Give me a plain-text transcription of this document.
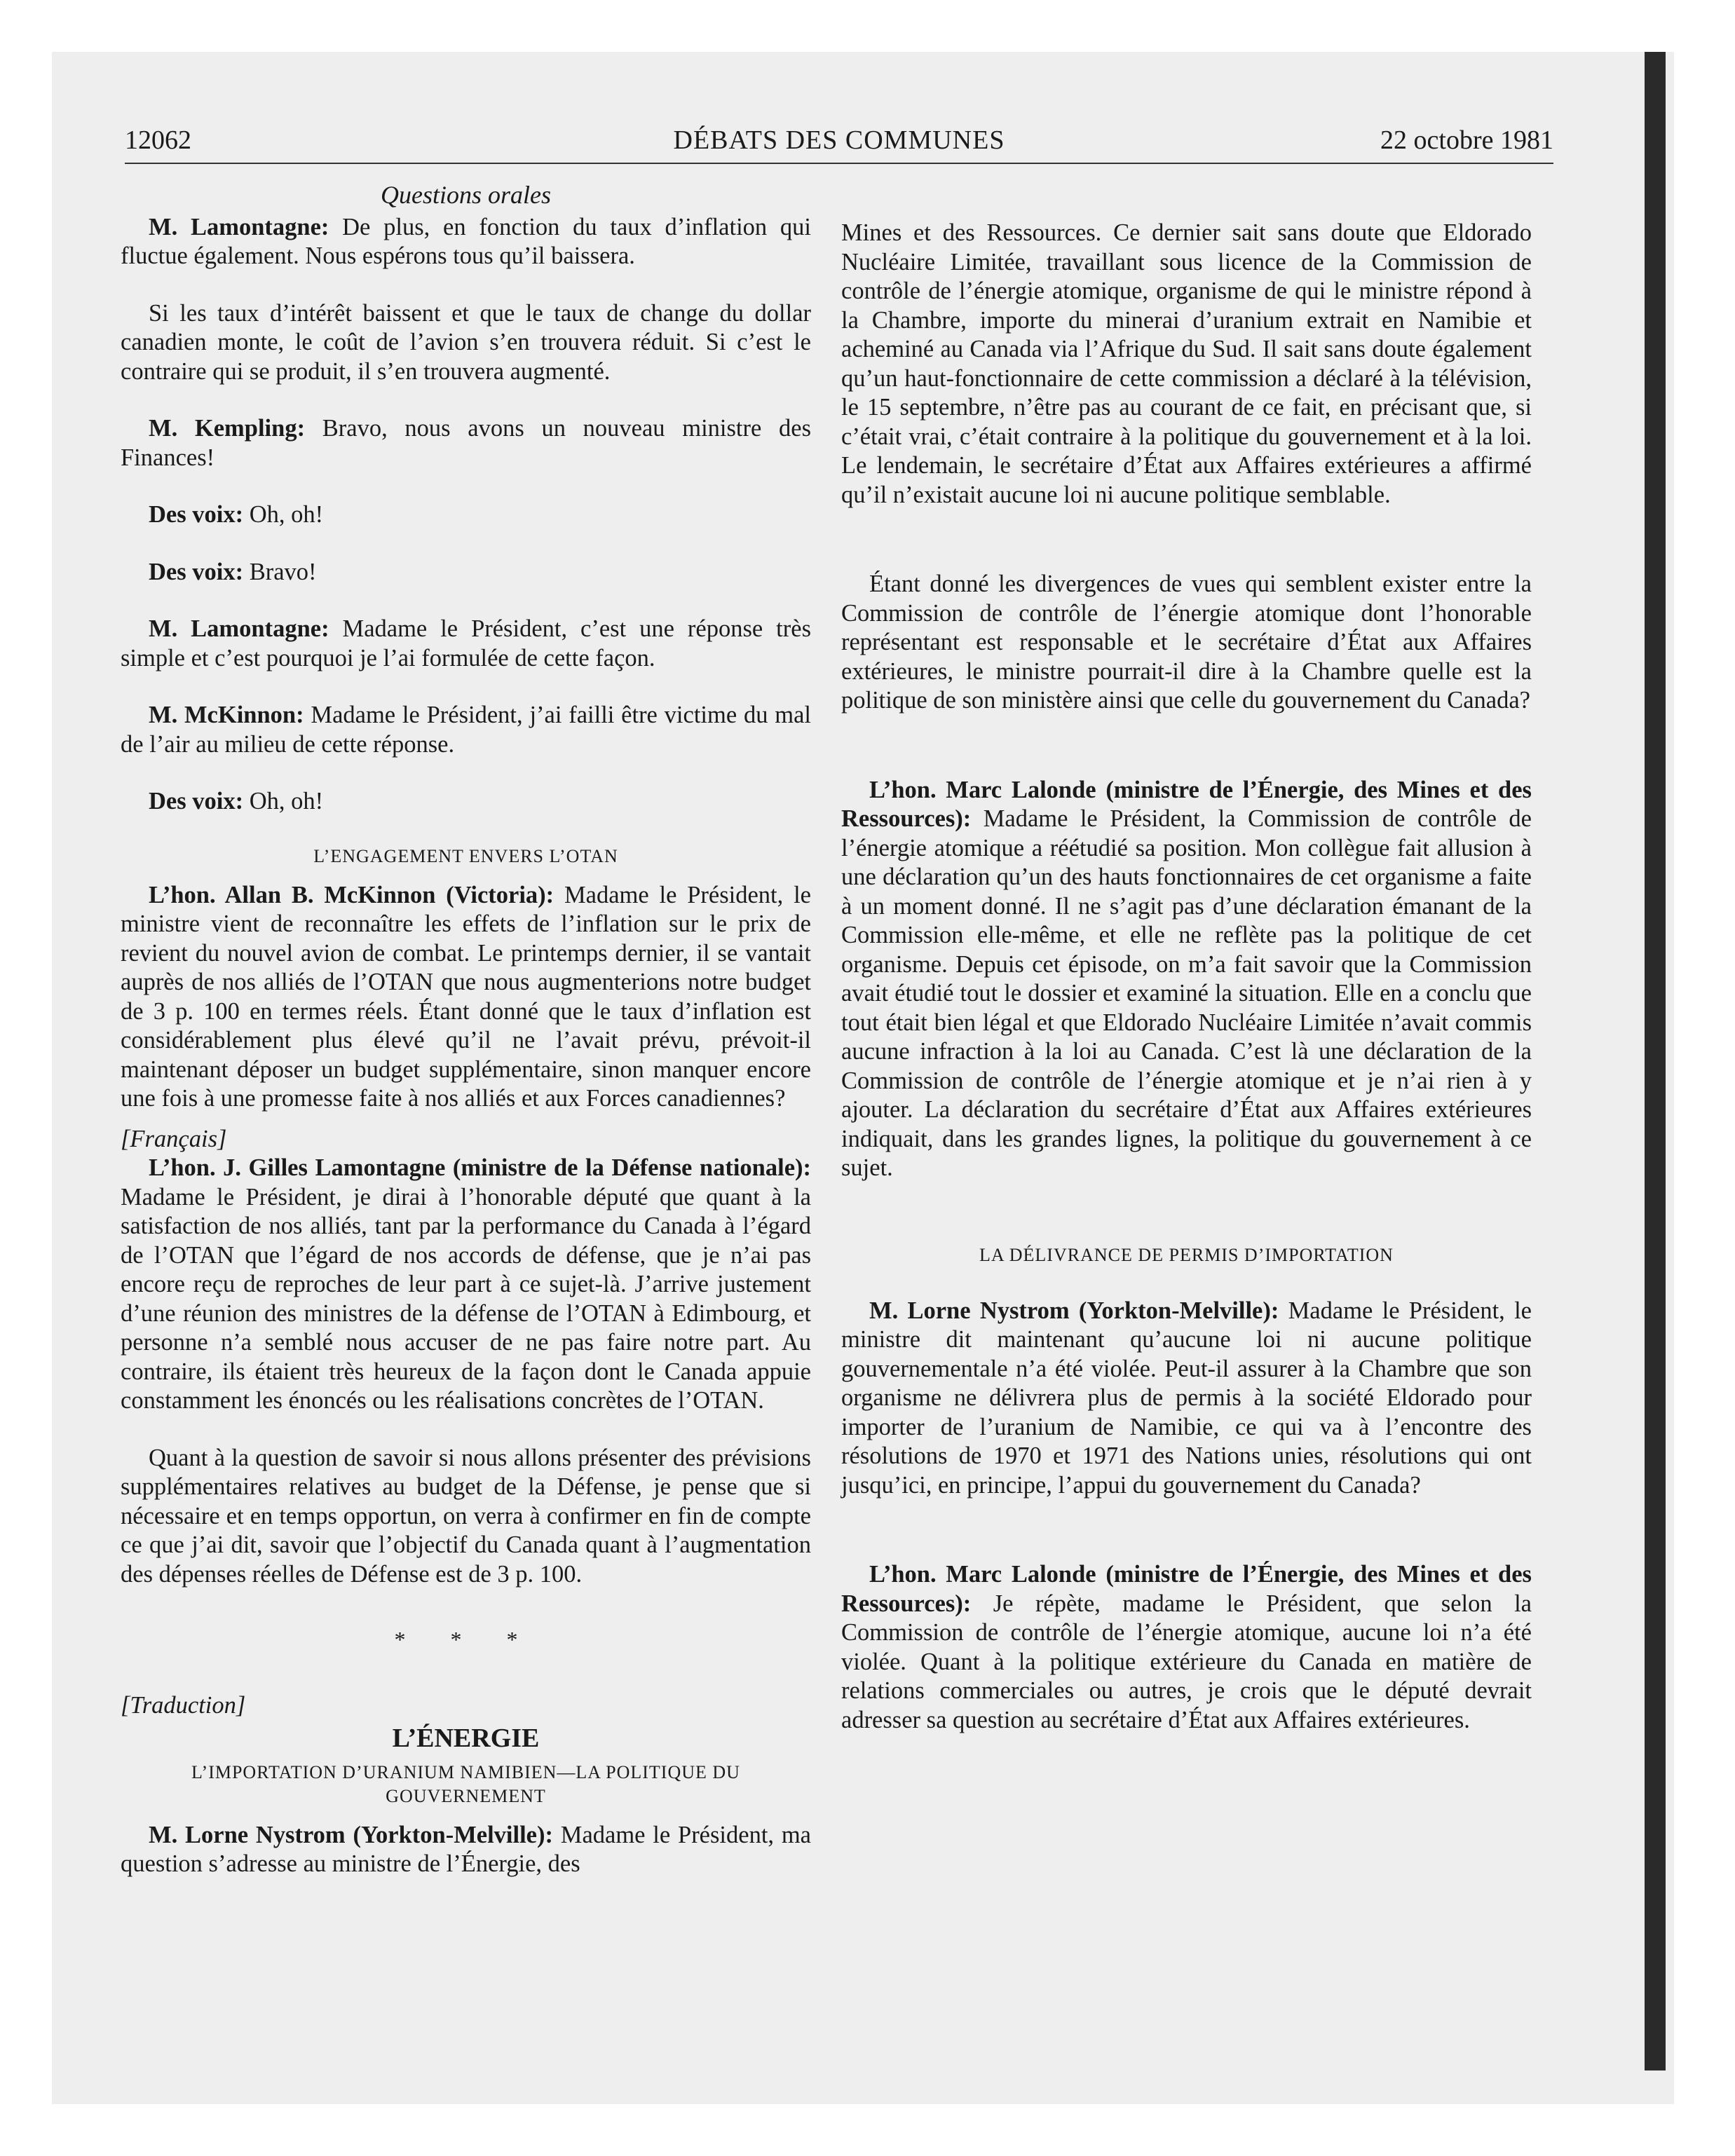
12062	DÉBATS DES COMMUNES	22 octobre 1981
Questions orales

M. Lamontagne: De plus, en fonction du taux d’inflation qui fluctue également. Nous espérons tous qu’il baissera.

Si les taux d’intérêt baissent et que le taux de change du dollar canadien monte, le coût de l’avion s’en trouvera réduit. Si c’est le contraire qui se produit, il s’en trouvera augmenté.

M. Kempling: Bravo, nous avons un nouveau ministre des Finances!

Des voix: Oh, oh!

Des voix: Bravo!

M. Lamontagne: Madame le Président, c’est une réponse très simple et c’est pourquoi je l’ai formulée de cette façon.

M. McKinnon: Madame le Président, j’ai failli être victime du mal de l’air au milieu de cette réponse.

Des voix: Oh, oh!

L’ENGAGEMENT ENVERS L’OTAN

L’hon. Allan B. McKinnon (Victoria): Madame le Président, le ministre vient de reconnaître les effets de l’inflation sur le prix de revient du nouvel avion de combat. Le printemps dernier, il se vantait auprès de nos alliés de l’OTAN que nous augmenterions notre budget de 3 p. 100 en termes réels. Étant donné que le taux d’inflation est considérablement plus élevé qu’il ne l’avait prévu, prévoit-il maintenant déposer un budget supplémentaire, sinon manquer encore une fois à une promesse faite à nos alliés et aux Forces canadiennes?

[Français]

L’hon. J. Gilles Lamontagne (ministre de la Défense nationale): Madame le Président, je dirai à l’honorable député que quant à la satisfaction de nos alliés, tant par la performance du Canada à l’égard de l’OTAN que l’égard de nos accords de défense, que je n’ai pas encore reçu de reproches de leur part à ce sujet-là. J’arrive justement d’une réunion des ministres de la défense de l’OTAN à Edimbourg, et personne n’a semblé nous accuser de ne pas faire notre part. Au contraire, ils étaient très heureux de la façon dont le Canada appuie constamment les énoncés ou les réalisations concrètes de l’OTAN.

Quant à la question de savoir si nous allons présenter des prévisions supplémentaires relatives au budget de la Défense, je pense que si nécessaire et en temps opportun, on verra à confirmer en fin de compte ce que j’ai dit, savoir que l’objectif du Canada quant à l’augmentation des dépenses réelles de Défense est de 3 p. 100.

* * *

[Traduction]

L’ÉNERGIE
L’IMPORTATION D’URANIUM NAMIBIEN—LA POLITIQUE DU GOUVERNEMENT

M. Lorne Nystrom (Yorkton-Melville): Madame le Président, ma question s’adresse au ministre de l’Énergie, des

Mines et des Ressources. Ce dernier sait sans doute que Eldorado Nucléaire Limitée, travaillant sous licence de la Commission de contrôle de l’énergie atomique, organisme de qui le ministre répond à la Chambre, importe du minerai d’uranium extrait en Namibie et acheminé au Canada via l’Afrique du Sud. Il sait sans doute également qu’un haut-fonctionnaire de cette commission a déclaré à la télévision, le 15 septembre, n’être pas au courant de ce fait, en précisant que, si c’était vrai, c’était contraire à la politique du gouvernement et à la loi. Le lendemain, le secrétaire d’État aux Affaires extérieures a affirmé qu’il n’existait aucune loi ni aucune politique semblable.

Étant donné les divergences de vues qui semblent exister entre la Commission de contrôle de l’énergie atomique dont l’honorable représentant est responsable et le secrétaire d’État aux Affaires extérieures, le ministre pourrait-il dire à la Chambre quelle est la politique de son ministère ainsi que celle du gouvernement du Canada?

L’hon. Marc Lalonde (ministre de l’Énergie, des Mines et des Ressources): Madame le Président, la Commission de contrôle de l’énergie atomique a réétudié sa position. Mon collègue fait allusion à une déclaration qu’un des hauts fonctionnaires de cet organisme a faite à un moment donné. Il ne s’agit pas d’une déclaration émanant de la Commission elle-même, et elle ne reflète pas la politique de cet organisme. Depuis cet épisode, on m’a fait savoir que la Commission avait étudié tout le dossier et examiné la situation. Elle en a conclu que tout était bien légal et que Eldorado Nucléaire Limitée n’avait commis aucune infraction à la loi au Canada. C’est là une déclaration de la Commission de contrôle de l’énergie atomique et je n’ai rien à y ajouter. La déclaration du secrétaire d’État aux Affaires extérieures indiquait, dans les grandes lignes, la politique du gouvernement à ce sujet.

LA DÉLIVRANCE DE PERMIS D’IMPORTATION

M. Lorne Nystrom (Yorkton-Melville): Madame le Président, le ministre dit maintenant qu’aucune loi ni aucune politique gouvernementale n’a été violée. Peut-il assurer à la Chambre que son organisme ne délivrera plus de permis à la société Eldorado pour importer de l’uranium de Namibie, ce qui va à l’encontre des résolutions de 1970 et 1971 des Nations unies, résolutions qui ont jusqu’ici, en principe, l’appui du gouvernement du Canada?

L’hon. Marc Lalonde (ministre de l’Énergie, des Mines et des Ressources): Je répète, madame le Président, que selon la Commission de contrôle de l’énergie atomique, aucune loi n’a été violée. Quant à la politique extérieure du Canada en matière de relations commerciales ou autres, je crois que le député devrait adresser sa question au secrétaire d’État aux Affaires extérieures.
